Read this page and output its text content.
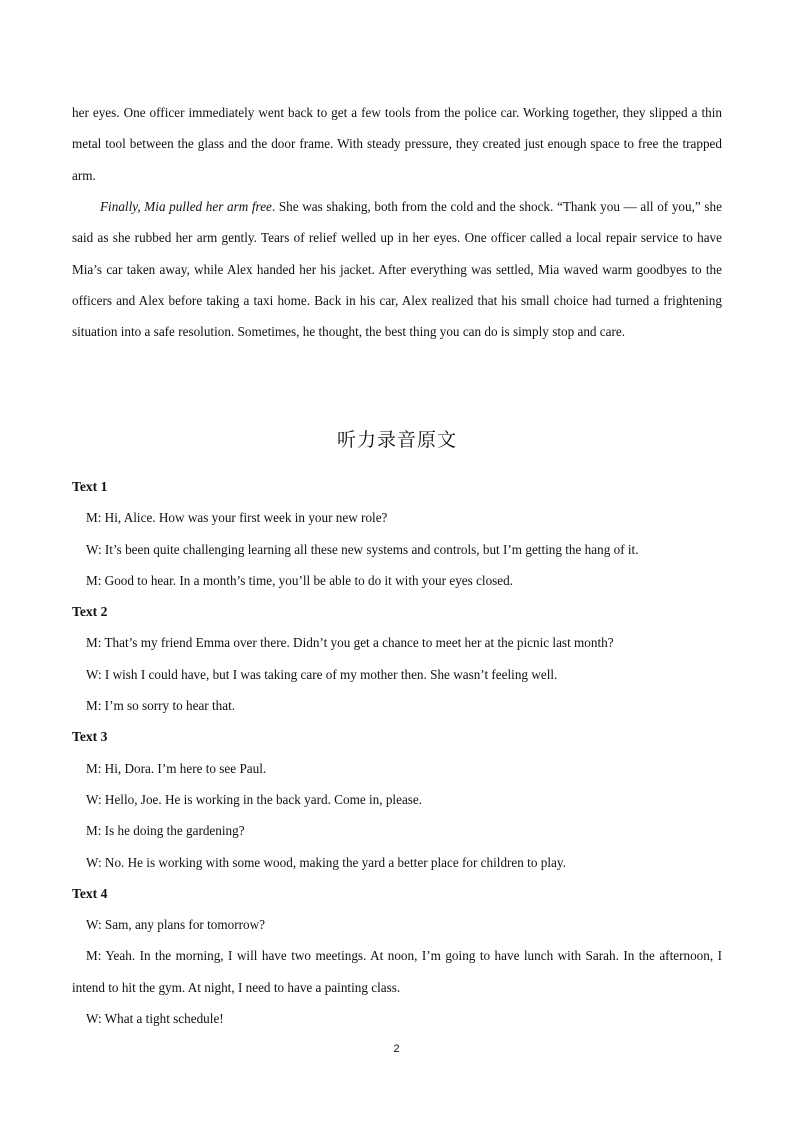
her eyes. One officer immediately went back to get a few tools from the police car. Working together, they slipped a thin metal tool between the glass and the door frame. With steady pressure, they created just enough space to free the trapped arm.

Finally, Mia pulled her arm free. She was shaking, both from the cold and the shock. “Thank you — all of you,” she said as she rubbed her arm gently. Tears of relief welled up in her eyes. One officer called a local repair service to have Mia’s car taken away, while Alex handed her his jacket. After everything was settled, Mia waved warm goodbyes to the officers and Alex before taking a taxi home. Back in his car, Alex realized that his small choice had turned a frightening situation into a safe resolution. Sometimes, he thought, the best thing you can do is simply stop and care.

听力录音原文

Text 1

M: Hi, Alice. How was your first week in your new role?

W: It’s been quite challenging learning all these new systems and controls, but I’m getting the hang of it.

M: Good to hear. In a month’s time, you’ll be able to do it with your eyes closed.

Text 2

M: That’s my friend Emma over there. Didn’t you get a chance to meet her at the picnic last month?

W: I wish I could have, but I was taking care of my mother then. She wasn’t feeling well.

M: I’m so sorry to hear that.

Text 3

M: Hi, Dora. I’m here to see Paul.

W: Hello, Joe. He is working in the back yard. Come in, please.

M: Is he doing the gardening?

W: No. He is working with some wood, making the yard a better place for children to play.

Text 4

W: Sam, any plans for tomorrow?

M: Yeah. In the morning, I will have two meetings. At noon, I’m going to have lunch with Sarah. In the afternoon, I intend to hit the gym. At night, I need to have a painting class.

W: What a tight schedule!

2
